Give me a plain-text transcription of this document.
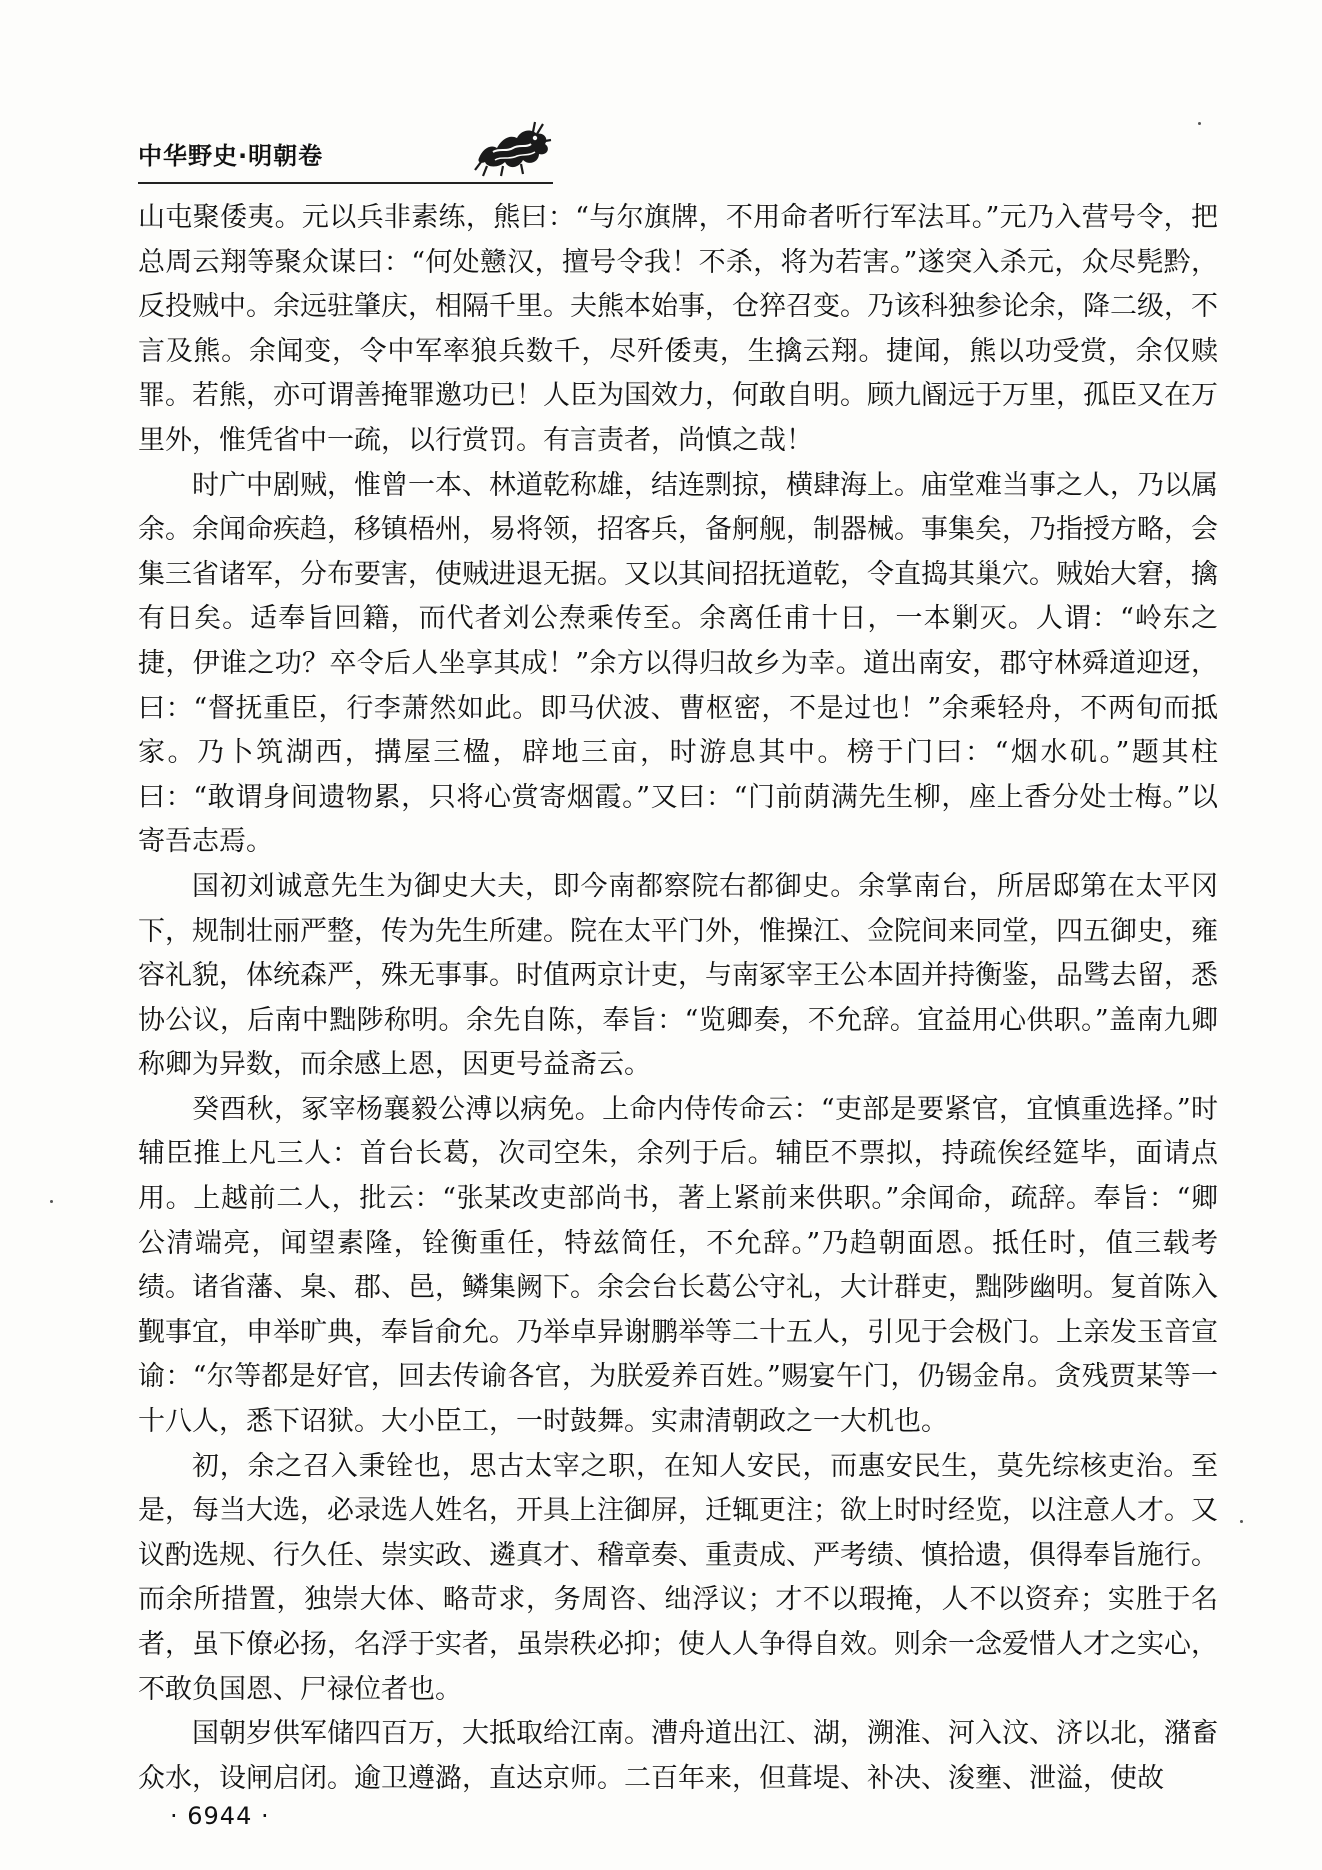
中华野史·明朝卷

山屯聚倭夷。元以兵非素练，熊曰：“与尔旗牌，不用命者听行军法耳。”元乃入营号令，把总周云翔等聚众谋曰：“何处戆汉，擅号令我！不杀，将为若害。”遂突入杀元，众尽髡黔，反投贼中。余远驻肇庆，相隔千里。夫熊本始事，仓猝召变。乃该科独参论余，降二级，不言及熊。余闻变，令中军率狼兵数千，尽歼倭夷，生擒云翔。捷闻，熊以功受赏，余仅赎罪。若熊，亦可谓善掩罪邀功已！人臣为国效力，何敢自明。顾九阍远于万里，孤臣又在万里外，惟凭省中一疏，以行赏罚。有言责者，尚慎之哉！

时广中剧贼，惟曾一本、林道乾称雄，结连剽掠，横肆海上。庙堂难当事之人，乃以属余。余闻命疾趋，移镇梧州，易将领，招客兵，备舸舰，制器械。事集矣，乃指授方略，会集三省诸军，分布要害，使贼进退无据。又以其间招抚道乾，令直捣其巢穴。贼始大窘，擒有日矣。适奉旨回籍，而代者刘公焘乘传至。余离任甫十日，一本剿灭。人谓：“岭东之捷，伊谁之功？卒令后人坐享其成！”余方以得归故乡为幸。道出南安，郡守林舜道迎迓，曰：“督抚重臣，行李萧然如此。即马伏波、曹枢密，不是过也！”余乘轻舟，不两旬而抵家。乃卜筑湖西，搆屋三楹，辟地三亩，时游息其中。榜于门曰：“烟水矶。”题其柱曰：“敢谓身间遗物累，只将心赏寄烟霞。”又曰：“门前荫满先生柳，座上香分处士梅。”以寄吾志焉。

国初刘诚意先生为御史大夫，即今南都察院右都御史。余掌南台，所居邸第在太平冈下，规制壮丽严整，传为先生所建。院在太平门外，惟操江、佥院间来同堂，四五御史，雍容礼貌，体统森严，殊无事事。时值两京计吏，与南冢宰王公本固并持衡鉴，品骘去留，悉协公议，后南中黜陟称明。余先自陈，奉旨：“览卿奏，不允辞。宜益用心供职。”盖南九卿称卿为异数，而余感上恩，因更号益斋云。

癸酉秋，冢宰杨襄毅公溥以病免。上命内侍传命云：“吏部是要紧官，宜慎重选择。”时辅臣推上凡三人：首台长葛，次司空朱，余列于后。辅臣不票拟，持疏俟经筵毕，面请点用。上越前二人，批云：“张某改吏部尚书，著上紧前来供职。”余闻命，疏辞。奉旨：“卿公清端亮，闻望素隆，铨衡重任，特兹简任，不允辞。”乃趋朝面恩。抵任时，值三载考绩。诸省藩、臬、郡、邑，鳞集阙下。余会台长葛公守礼，大计群吏，黜陟幽明。复首陈入觐事宜，申举旷典，奉旨俞允。乃举卓异谢鹏举等二十五人，引见于会极门。上亲发玉音宣谕：“尔等都是好官，回去传谕各官，为朕爱养百姓。”赐宴午门，仍锡金帛。贪残贾某等一十八人，悉下诏狱。大小臣工，一时鼓舞。实肃清朝政之一大机也。

初，余之召入秉铨也，思古太宰之职，在知人安民，而惠安民生，莫先综核吏治。至是，每当大选，必录选人姓名，开具上注御屏，迁辄更注；欲上时时经览，以注意人才。又议酌选规、行久任、崇实政、遴真才、稽章奏、重责成、严考绩、慎拾遗，俱得奉旨施行。而余所措置，独崇大体、略苛求，务周咨、绌浮议；才不以瑕掩，人不以资弃；实胜于名者，虽下僚必扬，名浮于实者，虽崇秩必抑；使人人争得自效。则余一念爱惜人才之实心，不敢负国恩、尸禄位者也。

国朝岁供军储四百万，大抵取给江南。漕舟道出江、湖，溯淮、河入汶、济以北，潴畜众水，设闸启闭。逾卫遵潞，直达京师。二百年来，但葺堤、补决、浚壅、泄溢，使故

· 6944 ·
